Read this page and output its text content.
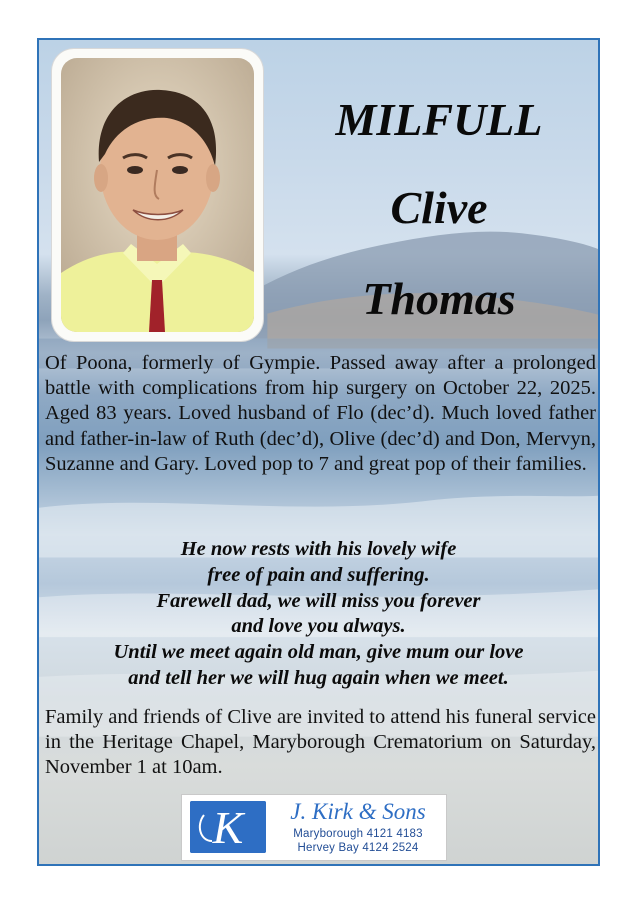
MILFULL
Clive
Thomas
Of Poona, formerly of Gympie. Passed away after a prolonged battle with complications from hip surgery on October 22, 2025. Aged 83 years. Loved husband of Flo (dec’d). Much loved father and father-in-law of Ruth (dec’d), Olive (dec’d) and Don, Mervyn, Suzanne and Gary. Loved pop to 7 and great pop of their families.
He now rests with his lovely wife
free of pain and suffering.
Farewell dad, we will miss you forever
and love you always.
Until we meet again old man, give mum our love
and tell her we will hug again when we meet.
Family and friends of Clive are invited to attend his funeral service in the Heritage Chapel, Maryborough Crematorium on Saturday, November 1 at 10am.
K	J. Kirk & Sons
Maryborough 4121 4183
Hervey Bay 4124 2524
